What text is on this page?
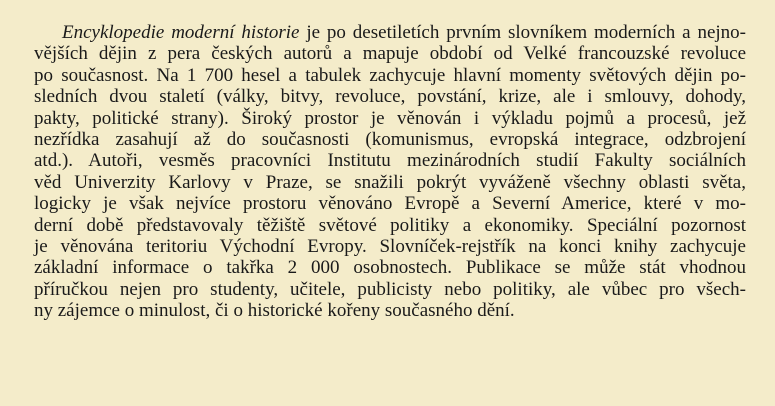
Encyklopedie moderní historie je po desetiletích prvním slovníkem moderních a nejno-
vějších dějin z pera českých autorů a mapuje období od Velké francouzské revoluce
po současnost. Na 1 700 hesel a tabulek zachycuje hlavní momenty světových dějin po-
sledních dvou staletí (války, bitvy, revoluce, povstání, krize, ale i smlouvy, dohody,
pakty, politické strany). Široký prostor je věnován i výkladu pojmů a procesů, jež
nezřídka zasahují až do současnosti (komunismus, evropská integrace, odzbrojení
atd.). Autoři, vesměs pracovníci Institutu mezinárodních studií Fakulty sociálních
věd Univerzity Karlovy v Praze, se snažili pokrýt vyváženě všechny oblasti světa,
logicky je však nejvíce prostoru věnováno Evropě a Severní Americe, které v mo-
derní době představovaly těžiště světové politiky a ekonomiky. Speciální pozornost
je věnována teritoriu Východní Evropy. Slovníček-rejstřík na konci knihy zachycuje
základní informace o takřka 2 000 osobnostech. Publikace se může stát vhodnou
příručkou nejen pro studenty, učitele, publicisty nebo politiky, ale vůbec pro všech-
ny zájemce o minulost, či o historické kořeny současného dění.
